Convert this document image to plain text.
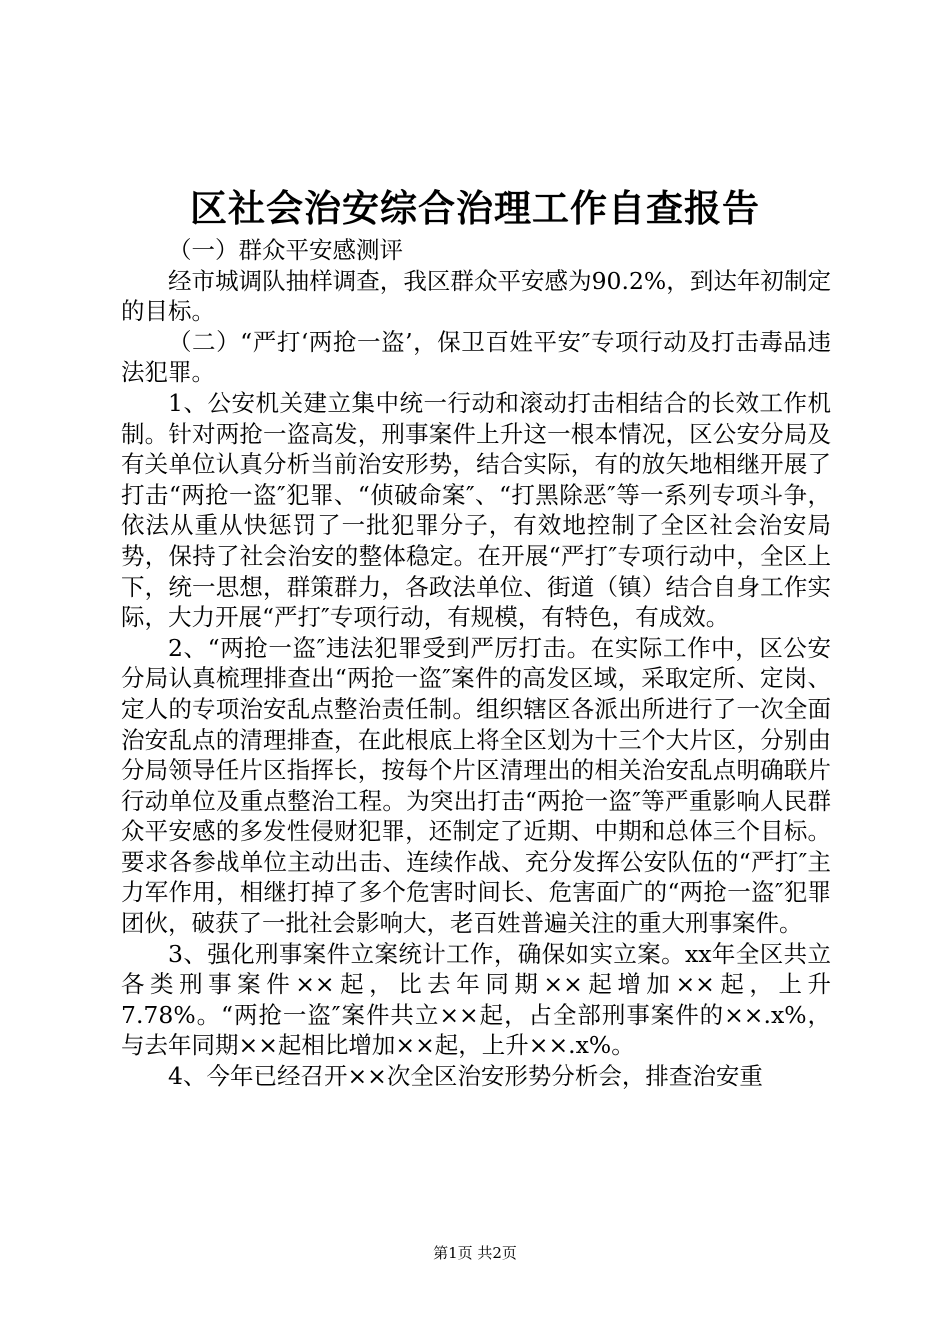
区社会治安综合治理工作自查报告

（一）群众平安感测评

经市城调队抽样调查，我区群众平安感为90.2%，到达年初制定的目标。

（二）“严打‘两抢一盗’，保卫百姓平安″专项行动及打击毒品违法犯罪。

1、公安机关建立集中统一行动和滚动打击相结合的长效工作机制。针对两抢一盗高发，刑事案件上升这一根本情况，区公安分局及有关单位认真分析当前治安形势，结合实际，有的放矢地相继开展了打击“两抢一盗″犯罪、“侦破命案″、“打黑除恶″等一系列专项斗争，依法从重从快惩罚了一批犯罪分子，有效地控制了全区社会治安局势，保持了社会治安的整体稳定。在开展“严打″专项行动中，全区上下，统一思想，群策群力，各政法单位、街道（镇）结合自身工作实际，大力开展“严打″专项行动，有规模，有特色，有成效。

2、“两抢一盗″违法犯罪受到严厉打击。在实际工作中，区公安分局认真梳理排查出“两抢一盗″案件的高发区域，采取定所、定岗、定人的专项治安乱点整治责任制。组织辖区各派出所进行了一次全面治安乱点的清理排查，在此根底上将全区划为十三个大片区，分别由分局领导任片区指挥长，按每个片区清理出的相关治安乱点明确联片行动单位及重点整治工程。为突出打击“两抢一盗″等严重影响人民群众平安感的多发性侵财犯罪，还制定了近期、中期和总体三个目标。要求各参战单位主动出击、连续作战、充分发挥公安队伍的“严打″主力军作用，相继打掉了多个危害时间长、危害面广的“两抢一盗″犯罪团伙，破获了一批社会影响大，老百姓普遍关注的重大刑事案件。

3、强化刑事案件立案统计工作，确保如实立案。xx年全区共立各类刑事案件××起，比去年同期××起增加××起，上升7.78%。“两抢一盗″案件共立××起，占全部刑事案件的××.x%，与去年同期××起相比增加××起，上升××.x%。

4、今年已经召开××次全区治安形势分析会，排查治安重

第1页 共2页
